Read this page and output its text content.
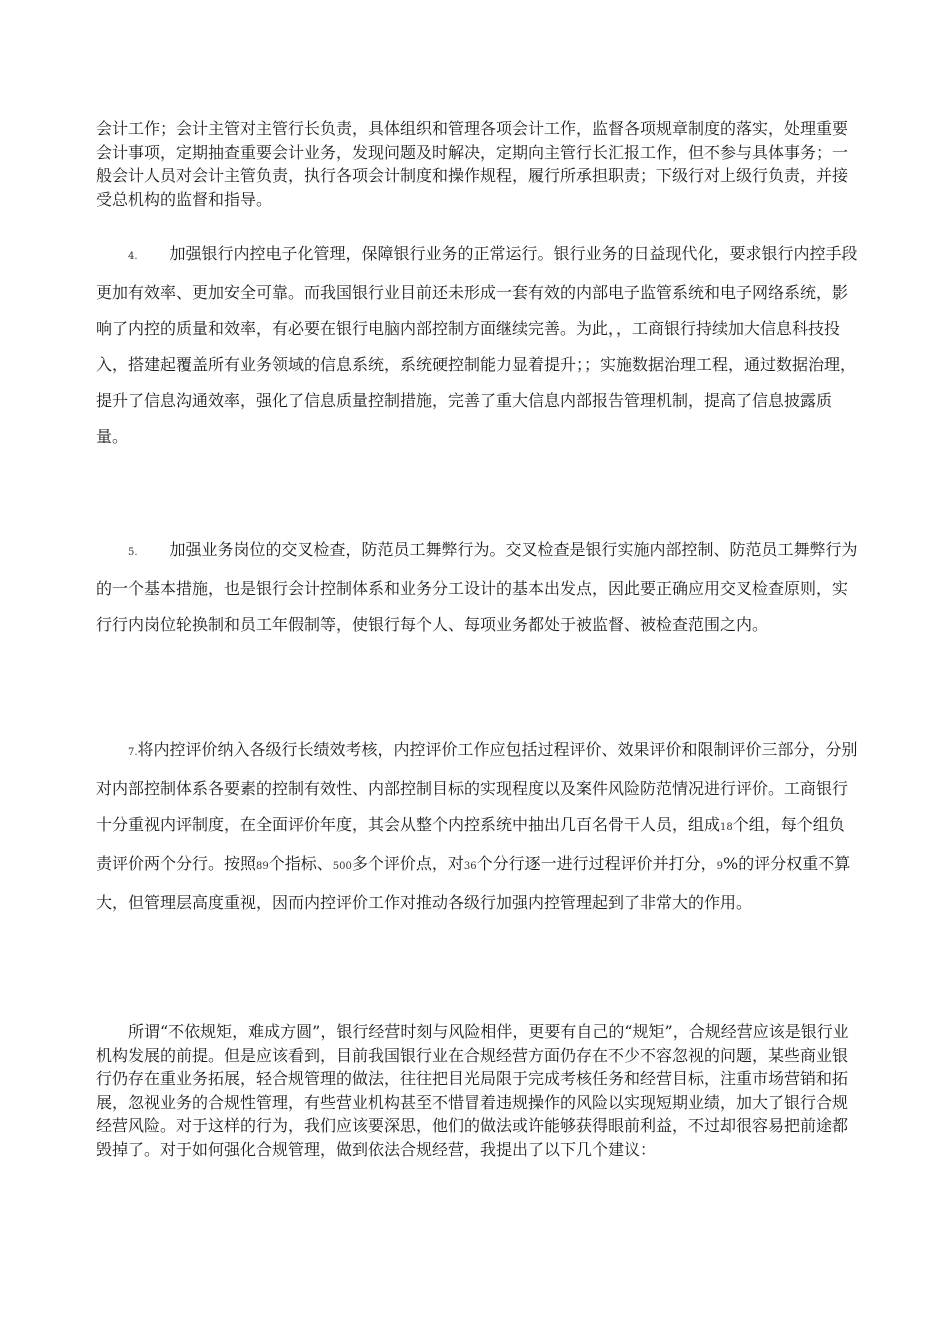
会计工作；会计主管对主管行长负责，具体组织和管理各项会计工作，监督各项规章制度的落实，处理重要会计事项，定期抽查重要会计业务，发现问题及时解决，定期向主管行长汇报工作，但不参与具体事务；一般会计人员对会计主管负责，执行各项会计制度和操作规程，履行所承担职责；下级行对上级行负责，并接受总机构的监督和指导。

4. 加强银行内控电子化管理，保障银行业务的正常运行。银行业务的日益现代化，要求银行内控手段更加有效率、更加安全可靠。而我国银行业目前还未形成一套有效的内部电子监管系统和电子网络系统，影响了内控的质量和效率，有必要在银行电脑内部控制方面继续完善。为此，，工商银行持续加大信息科技投入，搭建起覆盖所有业务领域的信息系统，系统硬控制能力显着提升；；实施数据治理工程，通过数据治理，提升了信息沟通效率，强化了信息质量控制措施，完善了重大信息内部报告管理机制，提高了信息披露质量。

5. 加强业务岗位的交叉检查，防范员工舞弊行为。交叉检查是银行实施内部控制、防范员工舞弊行为的一个基本措施，也是银行会计控制体系和业务分工设计的基本出发点，因此要正确应用交叉检查原则，实行行内岗位轮换制和员工年假制等，使银行每个人、每项业务都处于被监督、被检查范围之内。

7.将内控评价纳入各级行长绩效考核，内控评价工作应包括过程评价、效果评价和限制评价三部分，分别对内部控制体系各要素的控制有效性、内部控制目标的实现程度以及案件风险防范情况进行评价。工商银行十分重视内评制度，在全面评价年度，其会从整个内控系统中抽出几百名骨干人员，组成18个组，每个组负责评价两个分行。按照89个指标、500多个评价点，对36个分行逐一进行过程评价并打分，9%的评分权重不算大，但管理层高度重视，因而内控评价工作对推动各级行加强内控管理起到了非常大的作用。

所谓“不依规矩，难成方圆”，银行经营时刻与风险相伴，更要有自己的“规矩”，合规经营应该是银行业机构发展的前提。但是应该看到，目前我国银行业在合规经营方面仍存在不少不容忽视的问题，某些商业银行仍存在重业务拓展，轻合规管理的做法，往往把目光局限于完成考核任务和经营目标，注重市场营销和拓展，忽视业务的合规性管理，有些营业机构甚至不惜冒着违规操作的风险以实现短期业绩，加大了银行合规经营风险。对于这样的行为，我们应该要深思，他们的做法或许能够获得眼前利益，不过却很容易把前途都毁掉了。对于如何强化合规管理，做到依法合规经营，我提出了以下几个建议：
